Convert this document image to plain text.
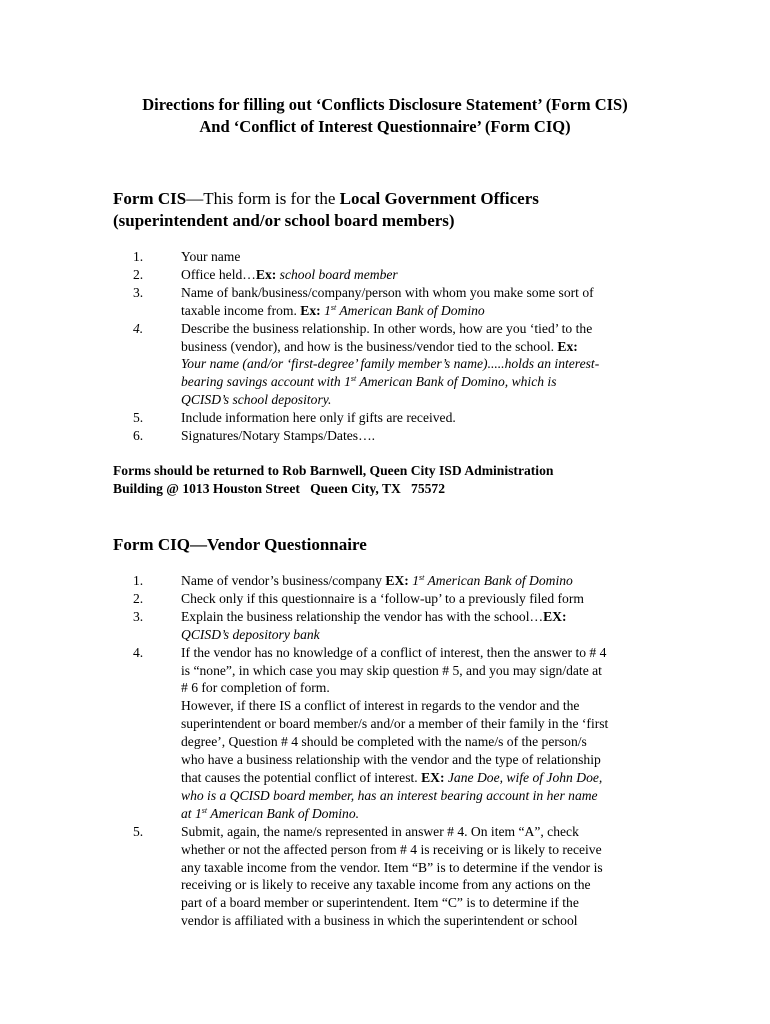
Directions for filling out ‘Conflicts Disclosure Statement’ (Form CIS)
And ‘Conflict of Interest Questionnaire’ (Form CIQ)
Form CIS—This form is for the Local Government Officers
(superintendent and/or school board members)
1.	Your name
2.	Office held…Ex: school board member
3.	Name of bank/business/company/person with whom you make some sort of
taxable income from. Ex: 1st American Bank of Domino
4.	Describe the business relationship. In other words, how are you ‘tied’ to the
business (vendor), and how is the business/vendor tied to the school. Ex:
Your name (and/or ‘first-degree’ family member’s name).....holds an interest-
bearing savings account with 1st American Bank of Domino, which is
QCISD’s school depository.
5.	Include information here only if gifts are received.
6.	Signatures/Notary Stamps/Dates….
Forms should be returned to Rob Barnwell, Queen City ISD Administration
Building @ 1013 Houston Street   Queen City, TX   75572
Form CIQ—Vendor Questionnaire
1.	Name of vendor’s business/company EX: 1st American Bank of Domino
2.	Check only if this questionnaire is a ‘follow-up’ to a previously filed form
3.	Explain the business relationship the vendor has with the school…EX:
QCISD’s depository bank
4.	If the vendor has no knowledge of a conflict of interest, then the answer to # 4
is “none”, in which case you may skip question # 5, and you may sign/date at
# 6 for completion of form.
However, if there IS a conflict of interest in regards to the vendor and the
superintendent or board member/s and/or a member of their family in the ‘first
degree’, Question # 4 should be completed with the name/s of the person/s
who have a business relationship with the vendor and the type of relationship
that causes the potential conflict of interest. EX: Jane Doe, wife of John Doe,
who is a QCISD board member, has an interest bearing account in her name
at 1st American Bank of Domino.
5.	Submit, again, the name/s represented in answer # 4. On item “A”, check
whether or not the affected person from # 4 is receiving or is likely to receive
any taxable income from the vendor. Item “B” is to determine if the vendor is
receiving or is likely to receive any taxable income from any actions on the
part of a board member or superintendent. Item “C” is to determine if the
vendor is affiliated with a business in which the superintendent or school
